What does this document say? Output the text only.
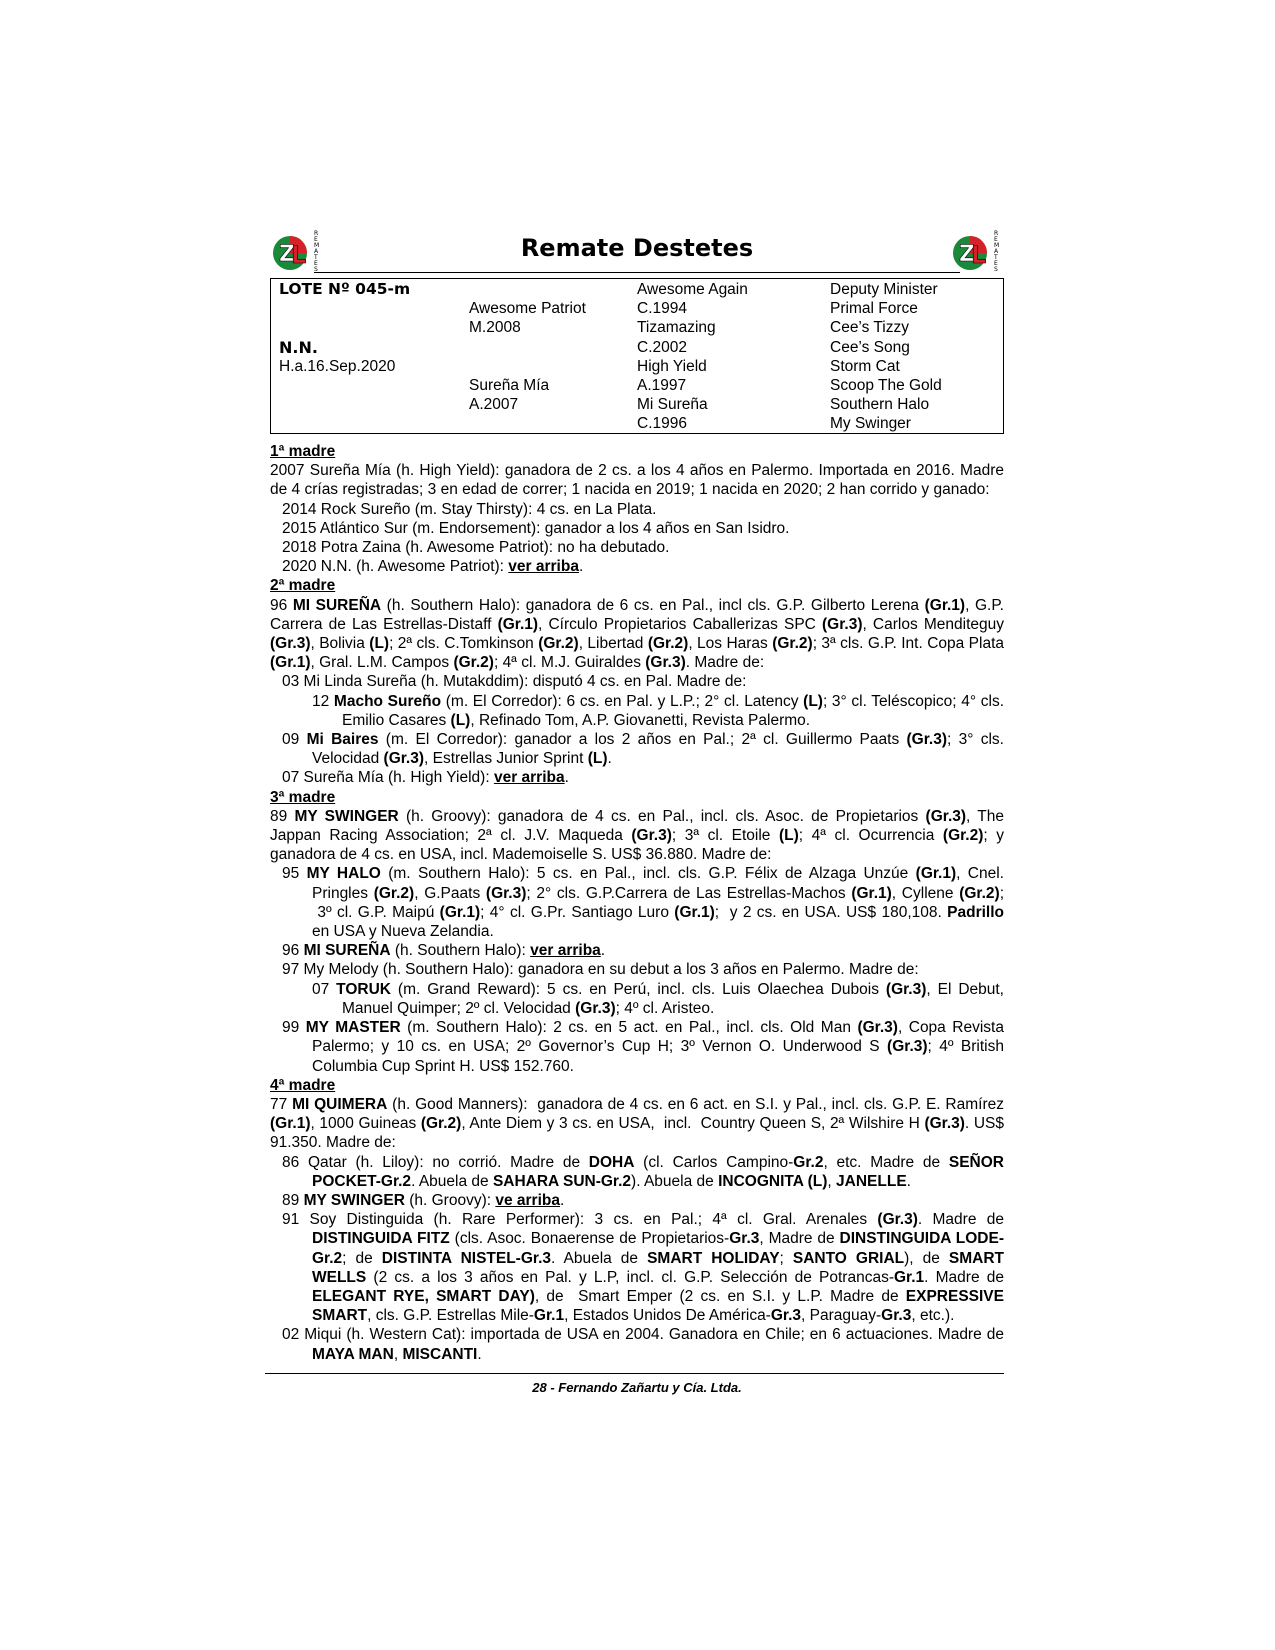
Z
L
R
E
M
A
T
E
S
Remate Destetes	Z
L
R
E
M
A
T
E
S
LOTE Nº 045-m
N.N.
H.a.16.Sep.2020
Awesome Patriot
M.2008
Sureña Mía
A.2007
Awesome Again
C.1994
Tizamazing
C.2002
High Yield
A.1997
Mi Sureña
C.1996
Deputy Minister
Primal Force
Cee’s Tizzy
Cee’s Song
Storm Cat
Scoop The Gold
Southern Halo
My Swinger
1ª madre
2007 Sureña Mía (h. High Yield): ganadora de 2 cs. a los 4 años en Palermo. Importada en 2016. Madre de 4 crías registradas; 3 en edad de correr; 1 nacida en 2019; 1 nacida en 2020; 2 han corrido y ganado:
2014 Rock Sureño (m. Stay Thirsty): 4 cs. en La Plata.
2015 Atlántico Sur (m. Endorsement): ganador a los 4 años en San Isidro.
2018 Potra Zaina (h. Awesome Patriot): no ha debutado.
2020 N.N. (h. Awesome Patriot): ver arriba.
2ª madre
96 MI SUREÑA (h. Southern Halo): ganadora de 6 cs. en Pal., incl cls. G.P. Gilberto Lerena (Gr.1), G.P. Carrera de Las Estrellas-Distaff (Gr.1), Círculo Propietarios Caballerizas SPC (Gr.3), Carlos Menditeguy (Gr.3), Bolivia (L); 2ª cls. C.Tomkinson (Gr.2), Libertad (Gr.2), Los Haras (Gr.2); 3ª cls. G.P. Int. Copa Plata (Gr.1), Gral. L.M. Campos (Gr.2); 4ª cl. M.J. Guiraldes (Gr.3). Madre de:
03 Mi Linda Sureña (h. Mutakddim): disputó 4 cs. en Pal. Madre de:
12 Macho Sureño (m. El Corredor): 6 cs. en Pal. y L.P.; 2° cl. Latency (L); 3° cl. Teléscopico; 4° cls. Emilio Casares (L), Refinado Tom, A.P. Giovanetti, Revista Palermo.
09 Mi Baires (m. El Corredor): ganador a los 2 años en Pal.; 2ª cl. Guillermo Paats (Gr.3); 3° cls. Velocidad (Gr.3), Estrellas Junior Sprint (L).
07 Sureña Mía (h. High Yield): ver arriba.
3ª madre
89 MY SWINGER (h. Groovy): ganadora de 4 cs. en Pal., incl. cls. Asoc. de Propietarios (Gr.3), The Jappan Racing Association; 2ª cl. J.V. Maqueda (Gr.3); 3ª cl. Etoile (L); 4ª cl. Ocurrencia (Gr.2); y ganadora de 4 cs. en USA, incl. Mademoiselle S. US$ 36.880. Madre de:
95 MY HALO (m. Southern Halo): 5 cs. en Pal., incl. cls. G.P. Félix de Alzaga Unzúe (Gr.1), Cnel. Pringles (Gr.2), G.Paats (Gr.3); 2° cls. G.P.Carrera de Las Estrellas-Machos (Gr.1), Cyllene (Gr.2);  3º cl. G.P. Maipú (Gr.1); 4° cl. G.Pr. Santiago Luro (Gr.1);  y 2 cs. en USA. US$ 180,108. Padrillo en USA y Nueva Zelandia.
96 MI SUREÑA (h. Southern Halo): ver arriba.
97 My Melody (h. Southern Halo): ganadora en su debut a los 3 años en Palermo. Madre de:
07 TORUK (m. Grand Reward): 5 cs. en Perú, incl. cls. Luis Olaechea Dubois (Gr.3), El Debut, Manuel Quimper; 2º cl. Velocidad (Gr.3); 4º cl. Aristeo.
99 MY MASTER (m. Southern Halo): 2 cs. en 5 act. en Pal., incl. cls. Old Man (Gr.3), Copa Revista Palermo; y 10 cs. en USA; 2º Governor’s Cup H; 3º Vernon O. Underwood S (Gr.3); 4º British Columbia Cup Sprint H. US$ 152.760.
4ª madre
77 MI QUIMERA (h. Good Manners):  ganadora de 4 cs. en 6 act. en S.I. y Pal., incl. cls. G.P. E. Ramírez (Gr.1), 1000 Guineas (Gr.2), Ante Diem y 3 cs. en USA,  incl.  Country Queen S, 2ª Wilshire H (Gr.3). US$ 91.350. Madre de:
86 Qatar (h. Liloy): no corrió. Madre de DOHA (cl. Carlos Campino-Gr.2, etc. Madre de SEÑOR POCKET-Gr.2. Abuela de SAHARA SUN-Gr.2). Abuela de INCOGNITA (L), JANELLE.
89 MY SWINGER (h. Groovy): ve arriba.
91 Soy Distinguida (h. Rare Performer): 3 cs. en Pal.; 4ª cl. Gral. Arenales (Gr.3). Madre de DISTINGUIDA FITZ (cls. Asoc. Bonaerense de Propietarios-Gr.3, Madre de DINSTINGUIDA LODE-Gr.2; de DISTINTA NISTEL-Gr.3. Abuela de SMART HOLIDAY; SANTO GRIAL), de SMART WELLS (2 cs. a los 3 años en Pal. y L.P, incl. cl. G.P. Selección de Potrancas-Gr.1. Madre de ELEGANT RYE, SMART DAY), de  Smart Emper (2 cs. en S.I. y L.P. Madre de EXPRESSIVE SMART, cls. G.P. Estrellas Mile-Gr.1, Estados Unidos De América-Gr.3, Paraguay-Gr.3, etc.).
02 Miqui (h. Western Cat): importada de USA en 2004. Ganadora en Chile; en 6 actuaciones. Madre de MAYA MAN, MISCANTI.
28 - Fernando Zañartu y Cía. Ltda.
